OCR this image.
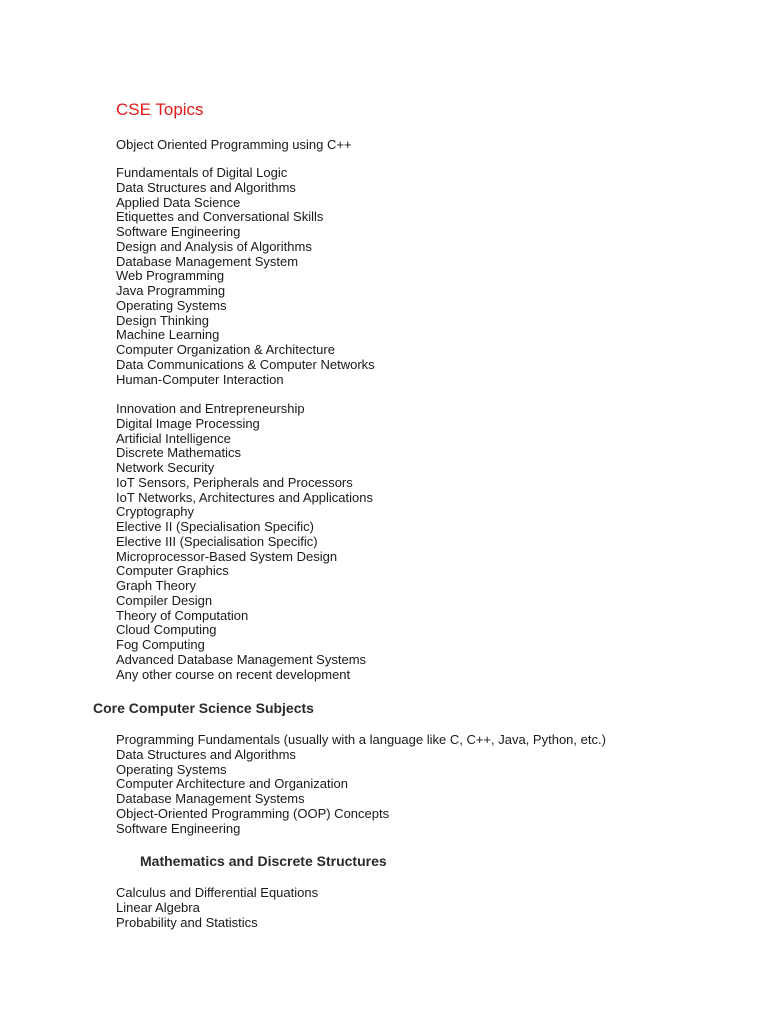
CSE Topics

Object Oriented Programming using C++

Fundamentals of Digital Logic
Data Structures and Algorithms
Applied Data Science
Etiquettes and Conversational Skills
Software Engineering
Design and Analysis of Algorithms
Database Management System
Web Programming
Java Programming
Operating Systems
Design Thinking
Machine Learning
Computer Organization & Architecture
Data Communications & Computer Networks
Human-Computer Interaction
Innovation and Entrepreneurship
Digital Image Processing
Artificial Intelligence
Discrete Mathematics
Network Security
IoT Sensors, Peripherals and Processors
IoT Networks, Architectures and Applications
Cryptography
Elective II (Specialisation Specific)
Elective III (Specialisation Specific)
Microprocessor-Based System Design
Computer Graphics
Graph Theory
Compiler Design
Theory of Computation
Cloud Computing
Fog Computing
Advanced Database Management Systems
Any other course on recent development
Core Computer Science Subjects
Programming Fundamentals (usually with a language like C, C++, Java, Python, etc.)
Data Structures and Algorithms
Operating Systems
Computer Architecture and Organization
Database Management Systems
Object-Oriented Programming (OOP) Concepts
Software Engineering
Mathematics and Discrete Structures
Calculus and Differential Equations
Linear Algebra
Probability and Statistics
